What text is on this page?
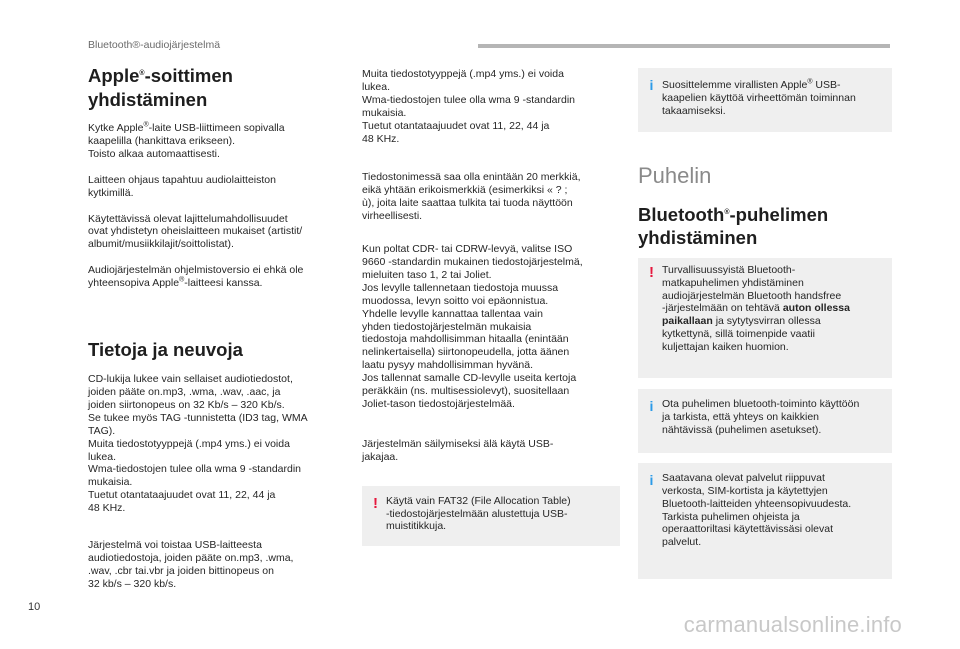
Bluetooth®-audiojärjestelmä
Apple®-soittimen yhdistäminen

Kytke Apple®-laite USB-liittimeen sopivalla
kaapelilla (hankittava erikseen).
Toisto alkaa automaattisesti.

Laitteen ohjaus tapahtuu audiolaitteiston
kytkimillä.

Käytettävissä olevat lajittelumahdollisuudet
ovat yhdistetyn oheislaitteen mukaiset (artistit/
albumit/musiikkilajit/soittolistat).

Audiojärjestelmän ohjelmistoversio ei ehkä ole
yhteensopiva Apple®-laitteesi kanssa.

Tietoja ja neuvoja

CD-lukija lukee vain sellaiset audiotiedostot,
joiden pääte on.mp3, .wma, .wav, .aac, ja
joiden siirtonopeus on 32 Kb/s – 320 Kb/s.
Se tukee myös TAG -tunnistetta (ID3 tag, WMA
TAG).
Muita tiedostotyyppejä (.mp4 yms.) ei voida
lukea.
Wma-tiedostojen tulee olla wma 9 -standardin
mukaisia.
Tuetut otantataajuudet ovat 11, 22, 44 ja
48 KHz.

Järjestelmä voi toistaa USB-laitteesta
audiotiedostoja, joiden pääte on.mp3, .wma,
.wav, .cbr tai.vbr ja joiden bittinopeus on
32 kb/s – 320 kb/s.

Muita tiedostotyyppejä (.mp4 yms.) ei voida
lukea.
Wma-tiedostojen tulee olla wma 9 -standardin
mukaisia.
Tuetut otantataajuudet ovat 11, 22, 44 ja
48 KHz.

Tiedostonimessä saa olla enintään 20 merkkiä,
eikä yhtään erikoismerkkiä (esimerkiksi « ? ;
ù), joita laite saattaa tulkita tai tuoda näyttöön
virheellisesti.

Kun poltat CDR- tai CDRW-levyä, valitse ISO
9660 -standardin mukainen tiedostojärjestelmä,
mieluiten taso 1, 2 tai Joliet.
Jos levylle tallennetaan tiedostoja muussa
muodossa, levyn soitto voi epäonnistua.
Yhdelle levylle kannattaa tallentaa vain
yhden tiedostojärjestelmän mukaisia
tiedostoja mahdollisimman hitaalla (enintään
nelinkertaisella) siirtonopeudella, jotta äänen
laatu pysyy mahdollisimman hyvänä.
Jos tallennat samalle CD-levylle useita kertoja
peräkkäin (ns. multisessiolevyt), suositellaan
Joliet-tason tiedostojärjestelmää.

Järjestelmän säilymiseksi älä käytä USB-
jakajaa.

! Käytä vain FAT32 (File Allocation Table)
-tiedostojärjestelmään alustettuja USB-
muistitikkuja.
i Suosittelemme virallisten Apple® USB-
kaapelien käyttöä virheettömän toiminnan
takaamiseksi.
Puhelin
Bluetooth®-puhelimen
yhdistäminen
! Turvallisuussyistä Bluetooth-
matkapuhelimen yhdistäminen
audiojärjestelmän Bluetooth handsfree
-järjestelmään on tehtävä auton ollessa
paikallaan ja sytytysvirran ollessa
kytkettynä, sillä toimenpide vaatii
kuljettajan kaiken huomion.
i Ota puhelimen bluetooth-toiminto käyttöön
ja tarkista, että yhteys on kaikkien
nähtävissä (puhelimen asetukset).
i Saatavana olevat palvelut riippuvat
verkosta, SIM-kortista ja käytettyjen
Bluetooth-laitteiden yhteensopivuudesta.
Tarkista puhelimen ohjeista ja
operaattoriltasi käytettävissäsi olevat
palvelut.
10
carmanualsonline.info
